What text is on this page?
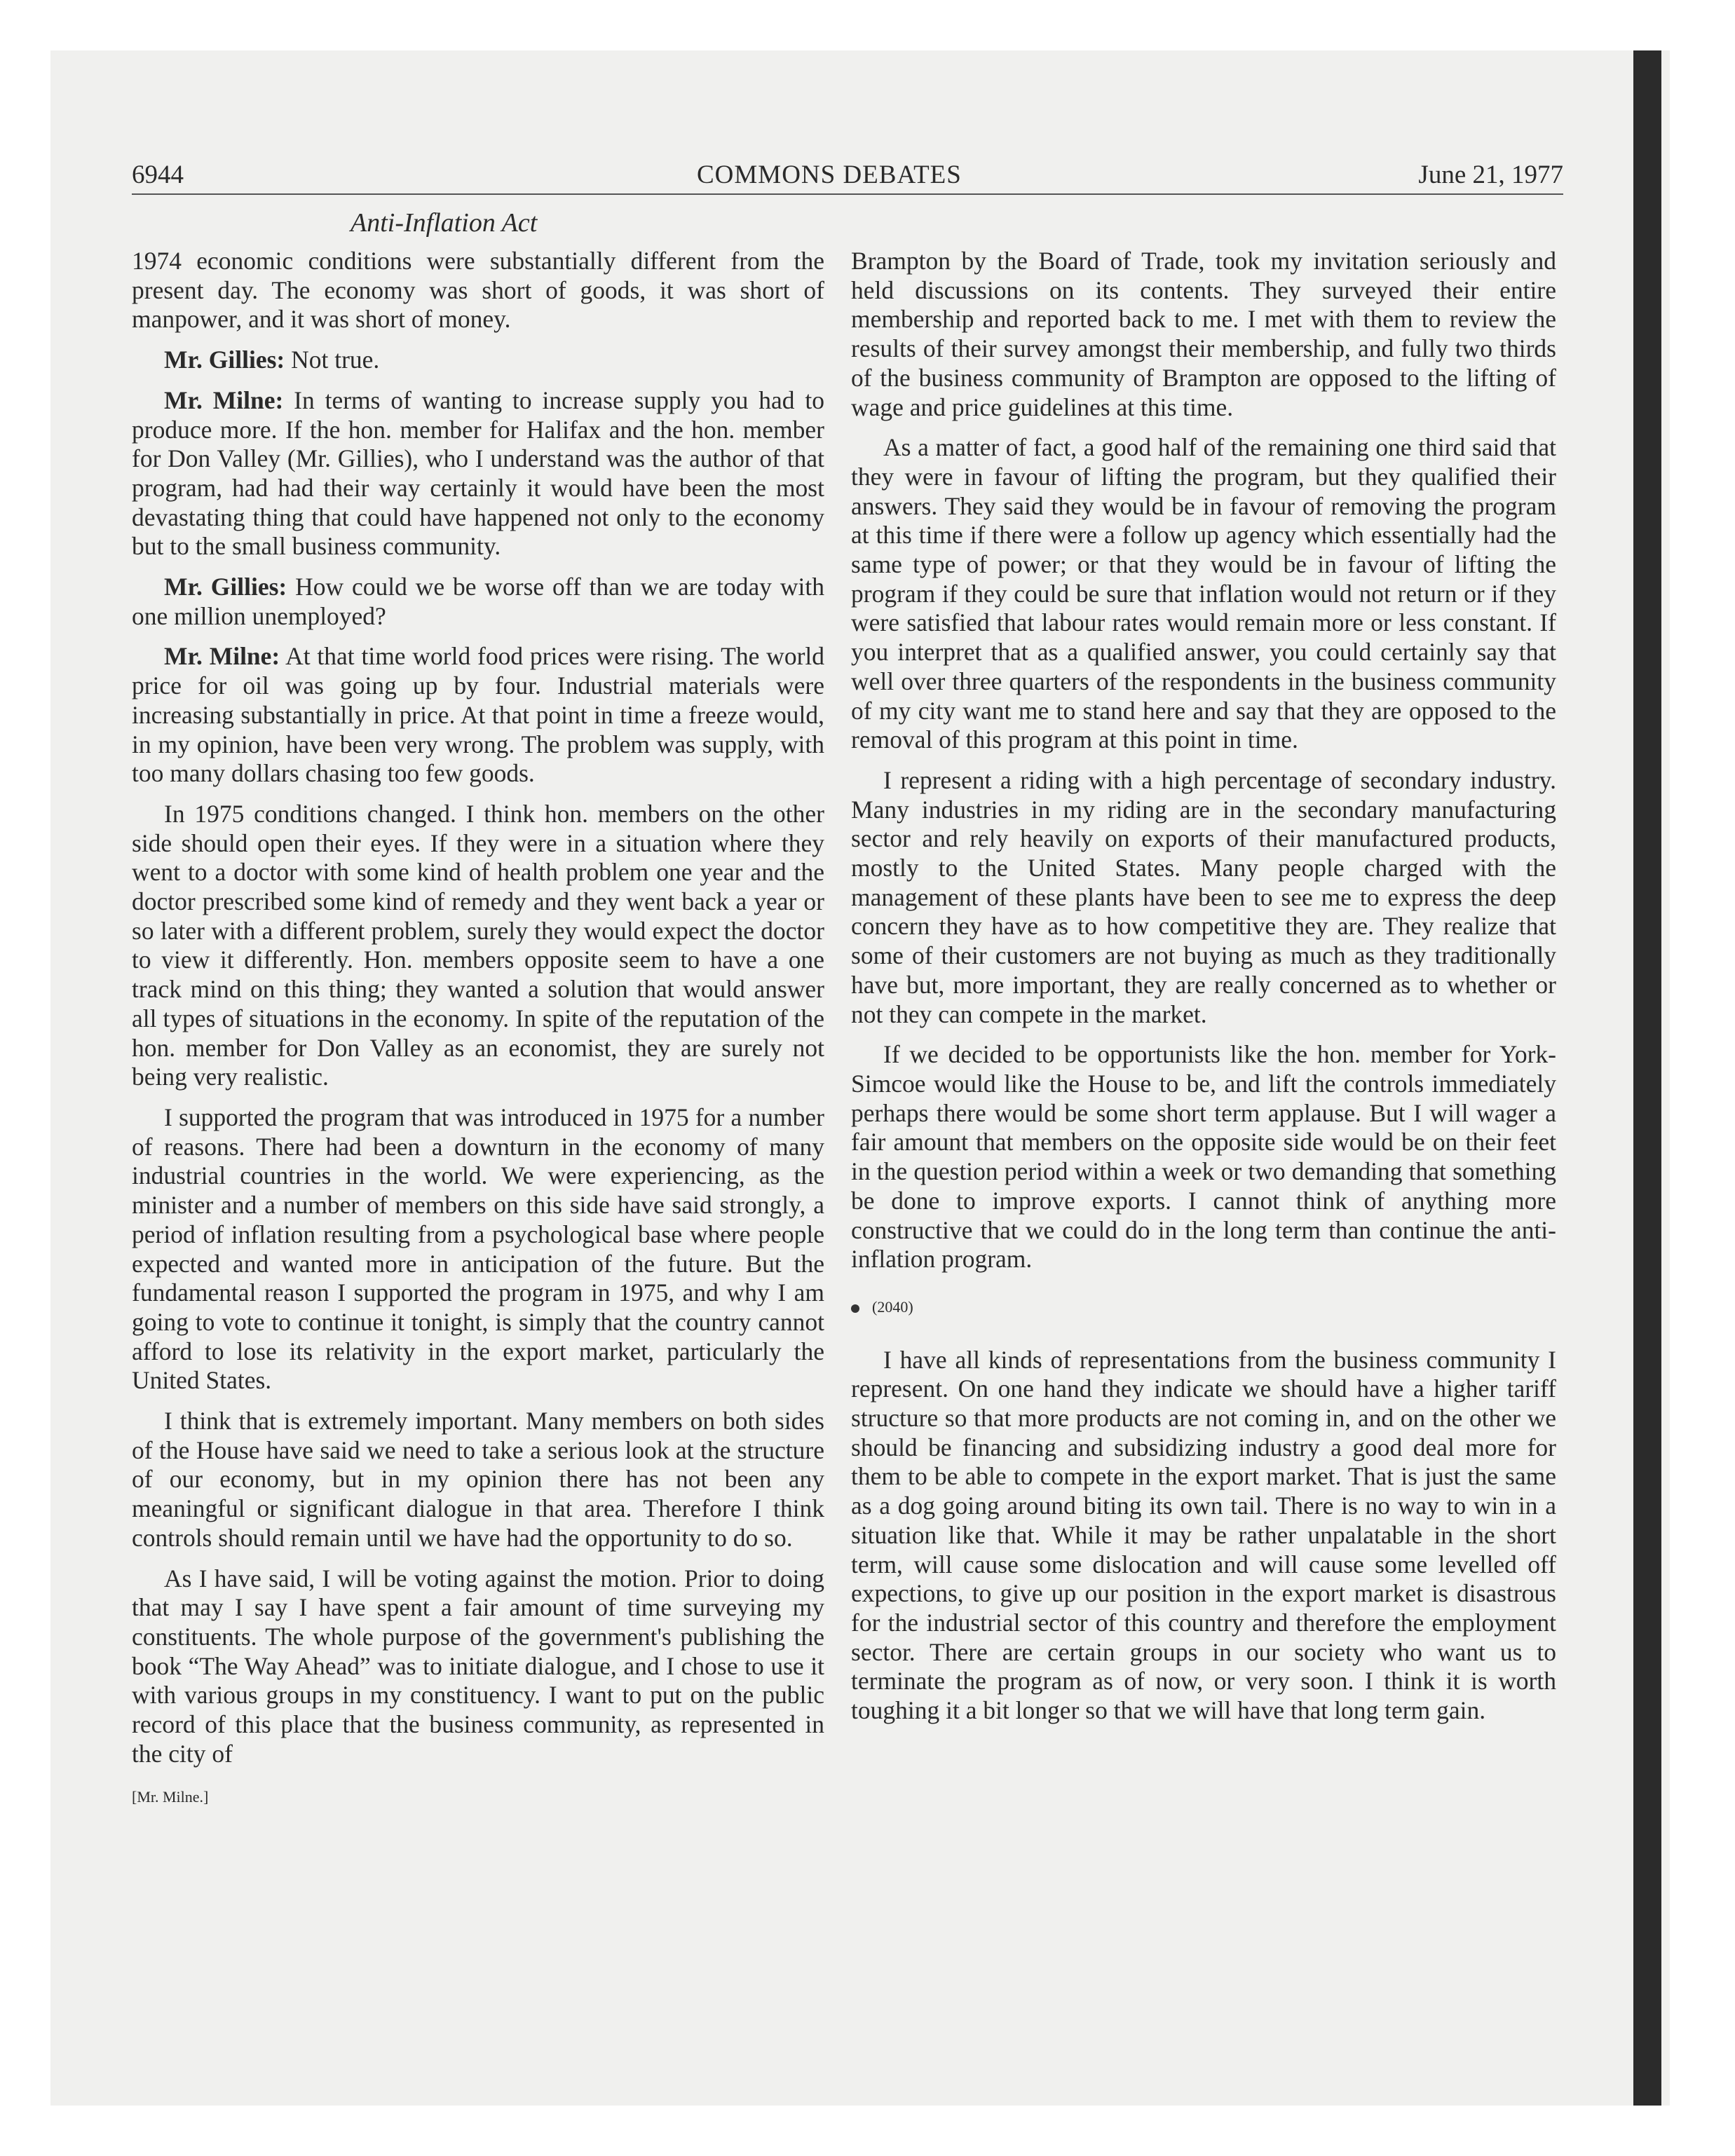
6944	COMMONS DEBATES	June 21, 1977
Anti-Inflation Act

1974 economic conditions were substantially different from the present day. The economy was short of goods, it was short of manpower, and it was short of money.

Mr. Gillies: Not true.

Mr. Milne: In terms of wanting to increase supply you had to produce more. If the hon. member for Halifax and the hon. member for Don Valley (Mr. Gillies), who I understand was the author of that program, had had their way certainly it would have been the most devastating thing that could have happened not only to the economy but to the small business community.

Mr. Gillies: How could we be worse off than we are today with one million unemployed?

Mr. Milne: At that time world food prices were rising. The world price for oil was going up by four. Industrial materials were increasing substantially in price. At that point in time a freeze would, in my opinion, have been very wrong. The problem was supply, with too many dollars chasing too few goods.

In 1975 conditions changed. I think hon. members on the other side should open their eyes. If they were in a situation where they went to a doctor with some kind of health problem one year and the doctor prescribed some kind of remedy and they went back a year or so later with a different problem, surely they would expect the doctor to view it differently. Hon. members opposite seem to have a one track mind on this thing; they wanted a solution that would answer all types of situations in the economy. In spite of the reputation of the hon. member for Don Valley as an economist, they are surely not being very realistic.

I supported the program that was introduced in 1975 for a number of reasons. There had been a downturn in the economy of many industrial countries in the world. We were experiencing, as the minister and a number of members on this side have said strongly, a period of inflation resulting from a psychological base where people expected and wanted more in anticipation of the future. But the fundamental reason I supported the program in 1975, and why I am going to vote to continue it tonight, is simply that the country cannot afford to lose its relativity in the export market, particularly the United States.

I think that is extremely important. Many members on both sides of the House have said we need to take a serious look at the structure of our economy, but in my opinion there has not been any meaningful or significant dialogue in that area. Therefore I think controls should remain until we have had the opportunity to do so.

As I have said, I will be voting against the motion. Prior to doing that may I say I have spent a fair amount of time surveying my constituents. The whole purpose of the government's publishing the book “The Way Ahead” was to initiate dialogue, and I chose to use it with various groups in my constituency. I want to put on the public record of this place that the business community, as represented in the city of

[Mr. Milne.]

Brampton by the Board of Trade, took my invitation seriously and held discussions on its contents. They surveyed their entire membership and reported back to me. I met with them to review the results of their survey amongst their membership, and fully two thirds of the business community of Brampton are opposed to the lifting of wage and price guidelines at this time.

As a matter of fact, a good half of the remaining one third said that they were in favour of lifting the program, but they qualified their answers. They said they would be in favour of removing the program at this time if there were a follow up agency which essentially had the same type of power; or that they would be in favour of lifting the program if they could be sure that inflation would not return or if they were satisfied that labour rates would remain more or less constant. If you interpret that as a qualified answer, you could certainly say that well over three quarters of the respondents in the business community of my city want me to stand here and say that they are opposed to the removal of this program at this point in time.

I represent a riding with a high percentage of secondary industry. Many industries in my riding are in the secondary manufacturing sector and rely heavily on exports of their manufactured products, mostly to the United States. Many people charged with the management of these plants have been to see me to express the deep concern they have as to how competitive they are. They realize that some of their customers are not buying as much as they traditionally have but, more important, they are really concerned as to whether or not they can compete in the market.

If we decided to be opportunists like the hon. member for York-Simcoe would like the House to be, and lift the controls immediately perhaps there would be some short term applause. But I will wager a fair amount that members on the opposite side would be on their feet in the question period within a week or two demanding that something be done to improve exports. I cannot think of anything more constructive that we could do in the long term than continue the anti-inflation program.

(2040)

I have all kinds of representations from the business community I represent. On one hand they indicate we should have a higher tariff structure so that more products are not coming in, and on the other we should be financing and subsidizing industry a good deal more for them to be able to compete in the export market. That is just the same as a dog going around biting its own tail. There is no way to win in a situation like that. While it may be rather unpalatable in the short term, will cause some dislocation and will cause some levelled off expections, to give up our position in the export market is disastrous for the industrial sector of this country and therefore the employment sector. There are certain groups in our society who want us to terminate the program as of now, or very soon. I think it is worth toughing it a bit longer so that we will have that long term gain.
